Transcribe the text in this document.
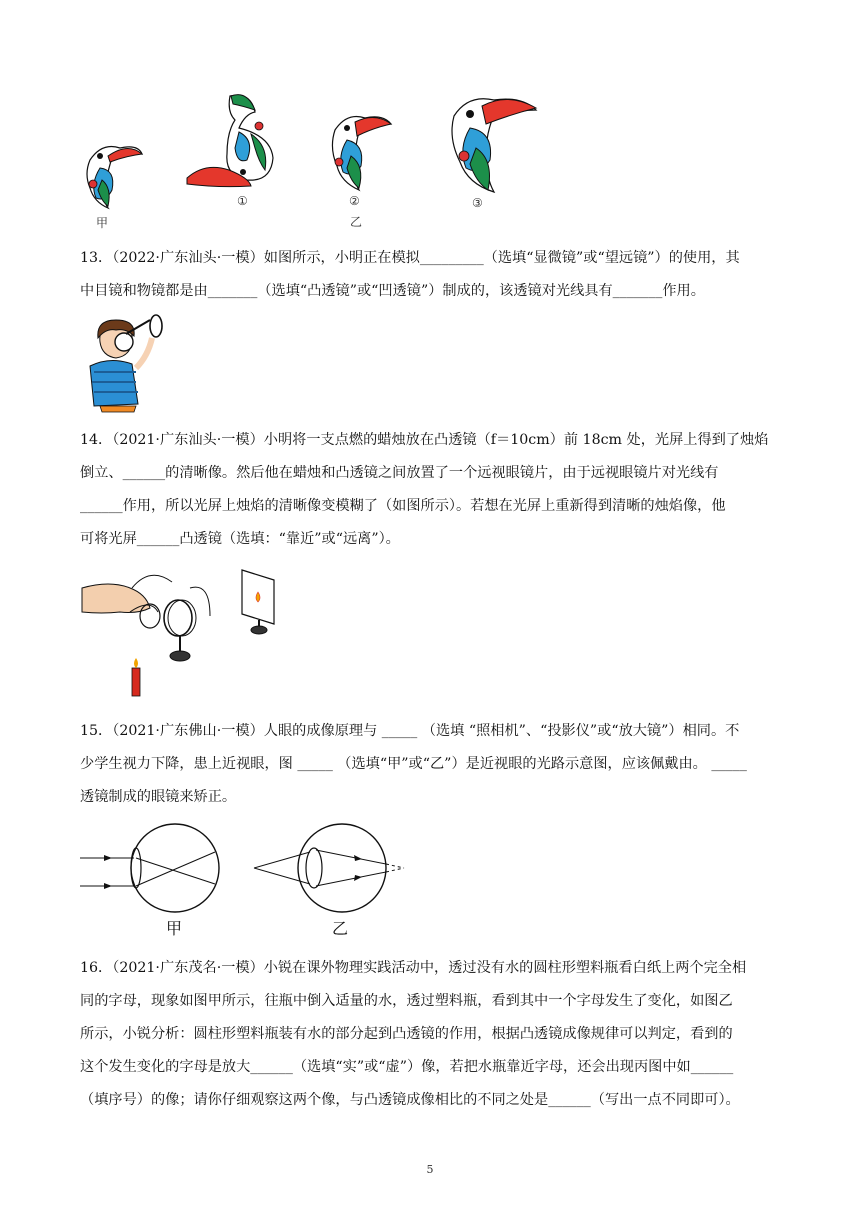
甲
①	②
乙
③
13．（2022·广东汕头·一模）如图所示，小明正在模拟_________（选填“显微镜”或“望远镜”）的使用，其
中目镜和物镜都是由_______（选填“凸透镜”或“凹透镜”）制成的，该透镜对光线具有_______作用。
14．（2021·广东汕头·一模）小明将一支点燃的蜡烛放在凸透镜（f＝10cm）前 18cm 处，光屏上得到了烛焰
倒立、______的清晰像。然后他在蜡烛和凸透镜之间放置了一个远视眼镜片，由于远视眼镜片对光线有
______作用，所以光屏上烛焰的清晰像变模糊了（如图所示）。若想在光屏上重新得到清晰的烛焰像，他
可将光屏______凸透镜（选填：“靠近”或“远离”）。
15．（2021·广东佛山·一模）人眼的成像原理与 _____ （选填 “照相机”、“投影仪”或“放大镜”）相同。不
少学生视力下降，患上近视眼，图 _____ （选填“甲”或“乙”）是近视眼的光路示意图，应该佩戴由。 _____
透镜制成的眼镜来矫正。
甲	乙
16．（2021·广东茂名·一模）小锐在课外物理实践活动中，透过没有水的圆柱形塑料瓶看白纸上两个完全相
同的字母，现象如图甲所示，往瓶中倒入适量的水，透过塑料瓶，看到其中一个字母发生了变化，如图乙
所示，小锐分析：圆柱形塑料瓶装有水的部分起到凸透镜的作用，根据凸透镜成像规律可以判定，看到的
这个发生变化的字母是放大______（选填“实”或“虚”）像，若把水瓶靠近字母，还会出现丙图中如______
（填序号）的像；请你仔细观察这两个像，与凸透镜成像相比的不同之处是______（写出一点不同即可）。
5
